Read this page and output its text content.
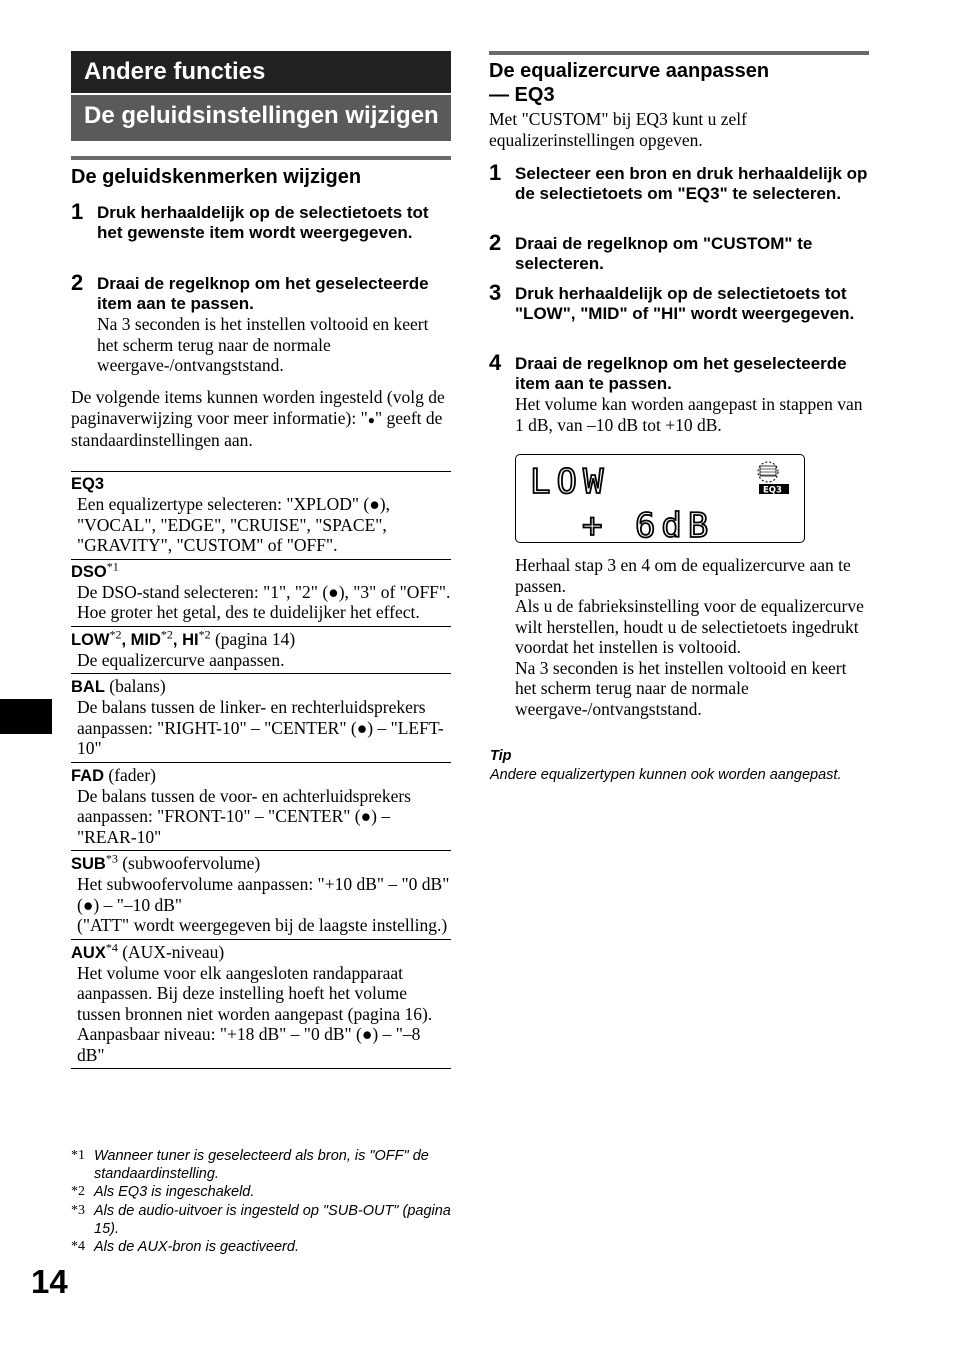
Andere functies
De geluidsinstellingen wijzigen
De geluidskenmerken wijzigen
1 Druk herhaaldelijk op de selectietoets tot het gewenste item wordt weergegeven.
2 Draai de regelknop om het geselecteerde item aan te passen.
Na 3 seconden is het instellen voltooid en keert het scherm terug naar de normale weergave-/ontvangststand.
De volgende items kunnen worden ingesteld (volg de paginaverwijzing voor meer informatie): "●" geeft de standaardinstellingen aan.
EQ3
Een equalizertype selecteren: "XPLOD" (●), "VOCAL", "EDGE", "CRUISE", "SPACE", "GRAVITY", "CUSTOM" of "OFF".
DSO$^{*1}$
De DSO-stand selecteren: "1", "2" (●), "3" of "OFF". Hoe groter het getal, des te duidelijker het effect.
LOW$^{*2}$, MID$^{*2}$, HI$^{*2}$ (pagina 14)
De equalizercurve aanpassen.
BAL (balans)
De balans tussen de linker- en rechterluidsprekers aanpassen: "RIGHT-10" – "CENTER" (●) – "LEFT-10"
FAD (fader)
De balans tussen de voor- en achterluidsprekers aanpassen: "FRONT-10" – "CENTER" (●) – "REAR-10"
SUB$^{*3}$ (subwoofervolume)
Het subwoofervolume aanpassen: "+10 dB" – "0 dB" (●) – "–10 dB"
("ATT" wordt weergegeven bij de laagste instelling.)
AUX$^{*4}$ (AUX-niveau)
Het volume voor elk aangesloten randapparaat aanpassen. Bij deze instelling hoeft het volume tussen bronnen niet worden aangepast (pagina 16).
Aanpasbaar niveau: "+18 dB" – "0 dB" (●) – "–8 dB"
*1 Wanneer tuner is geselecteerd als bron, is "OFF" de standaardinstelling.
*2 Als EQ3 is ingeschakeld.
*3 Als de audio-uitvoer is ingesteld op "SUB-OUT" (pagina 15).
*4 Als de AUX-bron is geactiveerd.
14
De equalizercurve aanpassen
— EQ3
Met "CUSTOM" bij EQ3 kunt u zelf equalizerinstellingen opgeven.
1 Selecteer een bron en druk herhaaldelijk op de selectietoets om "EQ3" te selecteren.
2 Draai de regelknop om "CUSTOM" te selecteren.
3 Druk herhaaldelijk op de selectietoets tot "LOW", "MID" of "HI" wordt weergegeven.
4 Draai de regelknop om het geselecteerde item aan te passen.
Het volume kan worden aangepast in stappen van 1 dB, van –10 dB tot +10 dB.
LOW
+ 6dB
EQ3
Herhaal stap 3 en 4 om de equalizercurve aan te passen.
Als u de fabrieksinstelling voor de equalizercurve wilt herstellen, houdt u de selectietoets ingedrukt voordat het instellen is voltooid.
Na 3 seconden is het instellen voltooid en keert het scherm terug naar de normale weergave-/ontvangststand.
Tip
Andere equalizertypen kunnen ook worden aangepast.
